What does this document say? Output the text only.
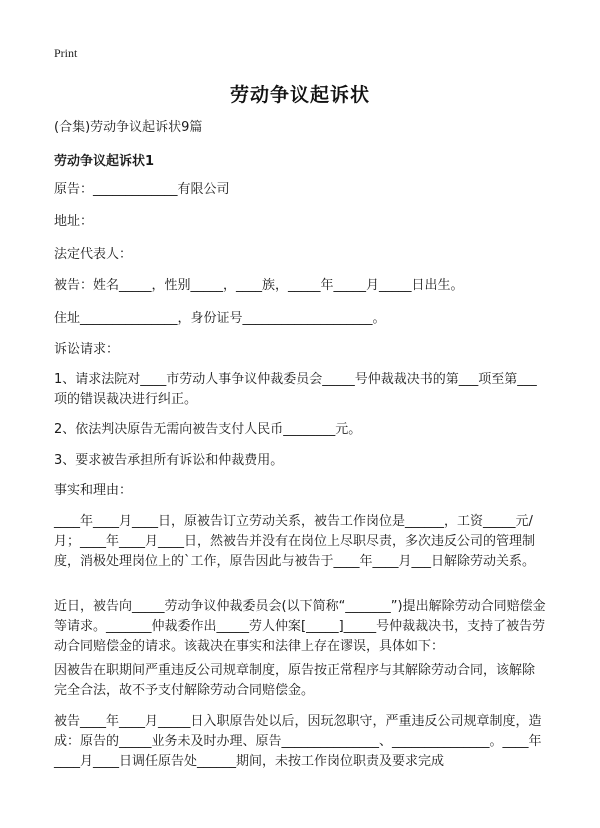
Print
劳动争议起诉状

(合集)劳动争议起诉状9篇

劳动争议起诉状1

原告：_____________有限公司

地址：

法定代表人：

被告：姓名_____，性别_____，____族，_____年_____月_____日出生。

住址_______________，身份证号____________________。

诉讼请求：

1、请求法院对____市劳动人事争议仲裁委员会_____号仲裁裁决书的第___项至第___项的错误裁决进行纠正。

2、依法判决原告无需向被告支付人民币________元。

3、要求被告承担所有诉讼和仲裁费用。

事实和理由：

____年____月____日，原被告订立劳动关系，被告工作岗位是______，工资_____元/月；____年____月____日，然被告并没有在岗位上尽职尽责，多次违反公司的管理制度，消极处理岗位上的`工作，原告因此与被告于____年____月___日解除劳动关系。

近日，被告向_____劳动争议仲裁委员会(以下简称“_______”)提出解除劳动合同赔偿金等请求。_______仲裁委作出_____劳人仲案[_____]_____号仲裁裁决书，支持了被告劳动合同赔偿金的请求。该裁决在事实和法律上存在谬误，具体如下：

因被告在职期间严重违反公司规章制度，原告按正常程序与其解除劳动合同，该解除完全合法，故不予支付解除劳动合同赔偿金。

被告____年____月_____日入职原告处以后，因玩忽职守，严重违反公司规章制度，造成：原告的_____业务未及时办理、原告_______________、_______________。____年____月____日调任原告处______期间，未按工作岗位职责及要求完成
